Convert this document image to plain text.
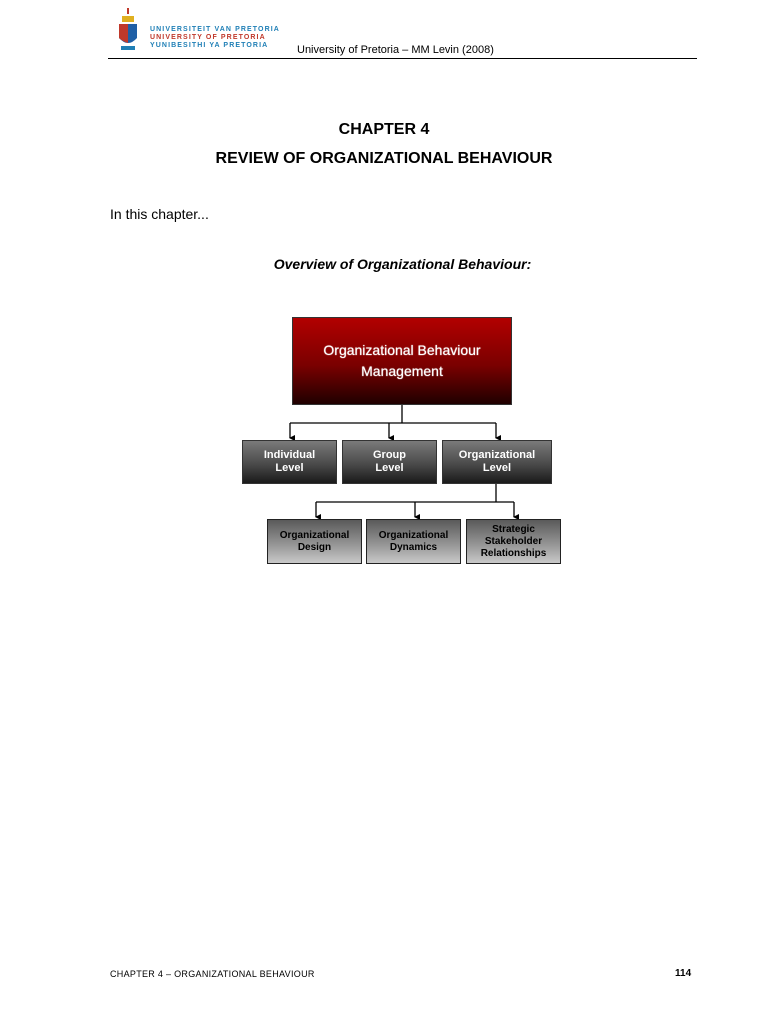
UNIVERSITEIT VAN PRETORIA
UNIVERSITY OF PRETORIA
YUNIBESITHI YA PRETORIA	University of Pretoria – MM Levin (2008)
CHAPTER 4
REVIEW OF ORGANIZATIONAL BEHAVIOUR
In this chapter...
Overview of Organizational Behaviour:
Organizational Behaviour
Management
Individual
Level
Group
Level
Organizational
Level
Organizational
Design
Organizational
Dynamics
Strategic
Stakeholder
Relationships
CHAPTER 4 – ORGANIZATIONAL BEHAVIOUR	114
